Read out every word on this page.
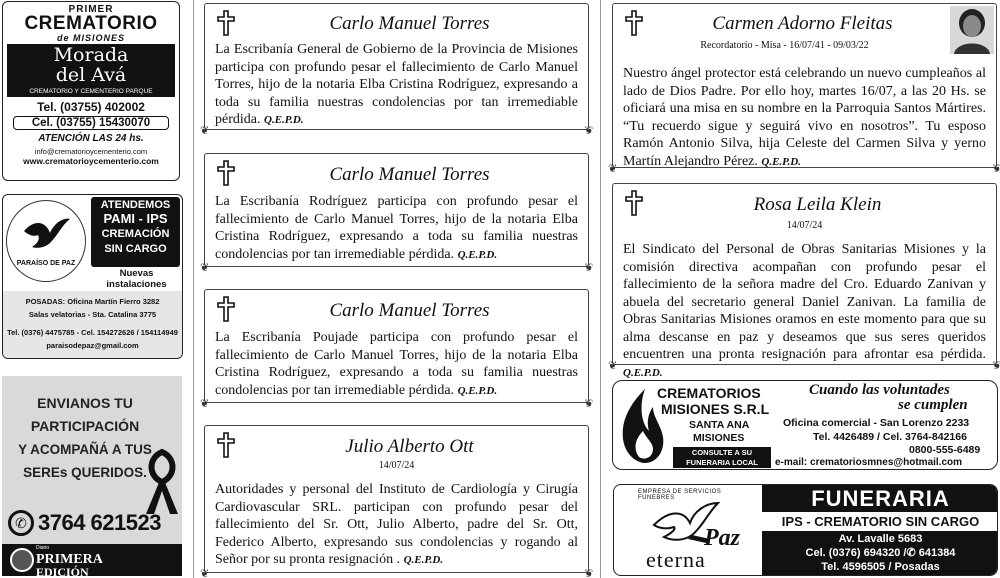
PRIMER
CREMATORIO
de MISIONES
Morada
del Avá
CREMATORIO Y CEMENTERIO PARQUE
Tel. (03755) 402002
Cel. (03755) 15430070
ATENCIÓN LAS 24 hs.
info@crematorioycementerio.com
www.crematorioycementerio.com
PARAÍSO DE PAZ
ATENDEMOS
PAMI - IPS
CREMACIÓN
SIN CARGO
Nuevas instalaciones
POSADAS: Oficina Martín Fierro 3282
Salas velatorias - Sta. Catalina 3775
Tel. (0376) 4475785 - Cel. 154272626 / 154114949
paraisodepaz@gmail.com
ENVIANOS TU
PARTICIPACIÓN
Y ACOMPAÑÁ A TUS
SEREs QUERIDOS.
✆ 3764 621523
Diario
PRIMERA
EDICIÓN
❦ Carlo Manuel Torres
La Escribanía General de Gobierno de la Provincia de Misiones participa con profundo pesar el fallecimiento de Carlo Manuel Torres, hijo de la notaria Elba Cristina Rodríguez, expresando a toda su familia nuestras condolencias por tan irremediable pérdida. Q.E.P.D.
❦
❦ Carlo Manuel Torres
La Escribanía Rodríguez participa con profundo pesar el fallecimiento de Carlo Manuel Torres, hijo de la notaria Elba Cristina Rodríguez, expresando a toda su familia nuestras condolencias por tan irremediable pérdida. Q.E.P.D.
❦
❦ Carlo Manuel Torres
La Escribanía Poujade participa con profundo pesar el fallecimiento de Carlo Manuel Torres, hijo de la notaria Elba Cristina Rodríguez, expresando a toda su familia nuestras condolencias por tan irremediable pérdida. Q.E.P.D.
❦
❦ Julio Alberto Ott
14/07/24
Autoridades y personal del Instituto de Cardiología y Cirugía Cardiovascular SRL. participan con profundo pesar del fallecimiento del Sr. Ott, Julio Alberto, padre del Sr. Ott, Federico Alberto, expresando sus condolencias y rogando al Señor por su pronta resignación . Q.E.P.D.
❦
❦ Carmen Adorno Fleitas
Recordatorio - Misa - 16/07/41 - 09/03/22
Nuestro ángel protector está celebrando un nuevo cumpleaños al lado de Dios Padre. Por ello hoy, martes 16/07, a las 20 Hs. se oficiará una misa en su nombre en la Parroquia Santos Mártires. “Tu recuerdo sigue y seguirá vivo en nosotros”. Tu esposo Ramón Antonio Silva, hija Celeste del Carmen Silva y yerno Martín Alejandro Pérez. Q.E.P.D.
❦
❦ Rosa Leila Klein
14/07/24
El Sindicato del Personal de Obras Sanitarias Misiones y la comisión directiva acompañan con profundo pesar el fallecimiento de la señora madre del Cro. Eduardo Zanivan y abuela del secretario general Daniel Zanivan. La familia de Obras Sanitarias Misiones oramos en este momento para que su alma descanse en paz y deseamos que sus seres queridos encuentren una pronta resignación para afrontar esa pérdida. Q.E.P.D.
❦
CREMATORIOS
MISIONES S.R.L
SANTA ANA
MISIONES
CONSULTE A SU
FUNERARIA LOCAL
Cuando las voluntades
se cumplen
Oficina comercial - San Lorenzo 2233
Tel. 4426489 / Cel. 3764-842166
0800-555-6489
e-mail: crematoriosmnes@hotmail.com
EMPRESA DE SERVICIOS FUNEBRES
Paz
eterna
FUNERARIA
IPS - CREMATORIO SIN CARGO
Av. Lavalle 5683
Cel. (0376) 694320 /✆ 641384
Tel. 4596505 / Posadas
